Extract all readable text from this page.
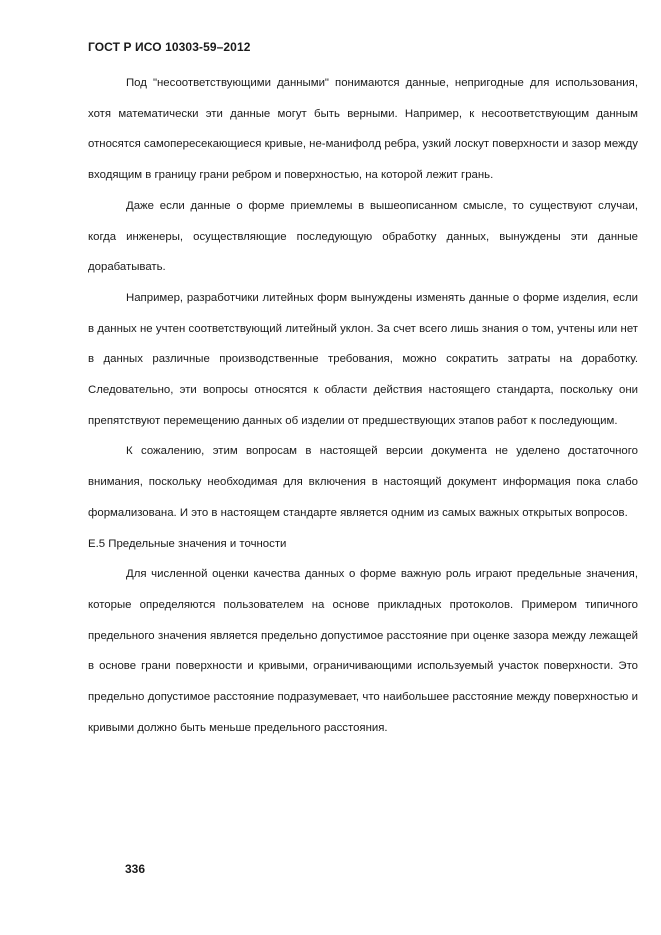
ГОСТ Р ИСО 10303-59–2012

Под "несоответствующими данными" понимаются данные, непригодные для использования, хотя математически эти данные могут быть верными. Например, к несоответствующим данным относятся самопересекающиеся кривые, не-манифолд ребра, узкий лоскут поверхности и зазор между входящим в границу грани ребром и поверхностью, на которой лежит грань.

Даже если данные о форме приемлемы в вышеописанном смысле, то существуют случаи, когда инженеры, осуществляющие последующую обработку данных, вынуждены эти данные дорабатывать.

Например, разработчики литейных форм вынуждены изменять данные о форме изделия, если в данных не учтен соответствующий литейный уклон. За счет всего лишь знания о том, учтены или нет в данных различные производственные требования, можно сократить затраты на доработку. Следовательно, эти вопросы относятся к области действия настоящего стандарта, поскольку они препятствуют перемещению данных об изделии от предшествующих этапов работ к последующим.

К сожалению, этим вопросам в настоящей версии документа не уделено достаточного внимания, поскольку необходимая для включения в настоящий документ информация пока слабо формализована. И это в настоящем стандарте является одним из самых важных открытых вопросов.

Е.5 Предельные значения и точности

Для численной оценки качества данных о форме важную роль играют предельные значения, которые определяются пользователем на основе прикладных протоколов. Примером типичного предельного значения является предельно допустимое расстояние при оценке зазора между лежащей в основе грани поверхности и кривыми, ограничивающими используемый участок поверхности. Это предельно допустимое расстояние подразумевает, что наибольшее расстояние между поверхностью и кривыми должно быть меньше предельного расстояния.

336
